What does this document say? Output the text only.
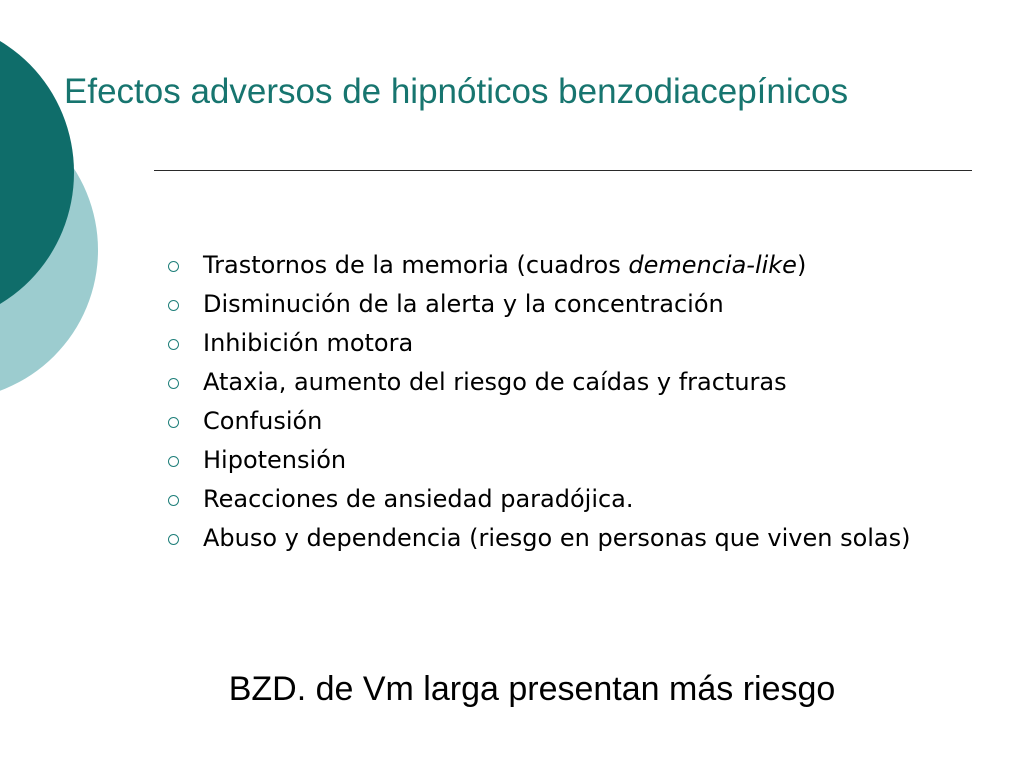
Efectos adversos de hipnóticos benzodiacepínicos
Trastornos de la memoria (cuadros demencia-like)
Disminución de la alerta y la concentración
Inhibición motora
Ataxia, aumento del riesgo de caídas y fracturas
Confusión
Hipotensión
Reacciones de ansiedad paradójica.
Abuso y dependencia (riesgo en personas que viven solas)

BZD. de Vm larga presentan más riesgo
